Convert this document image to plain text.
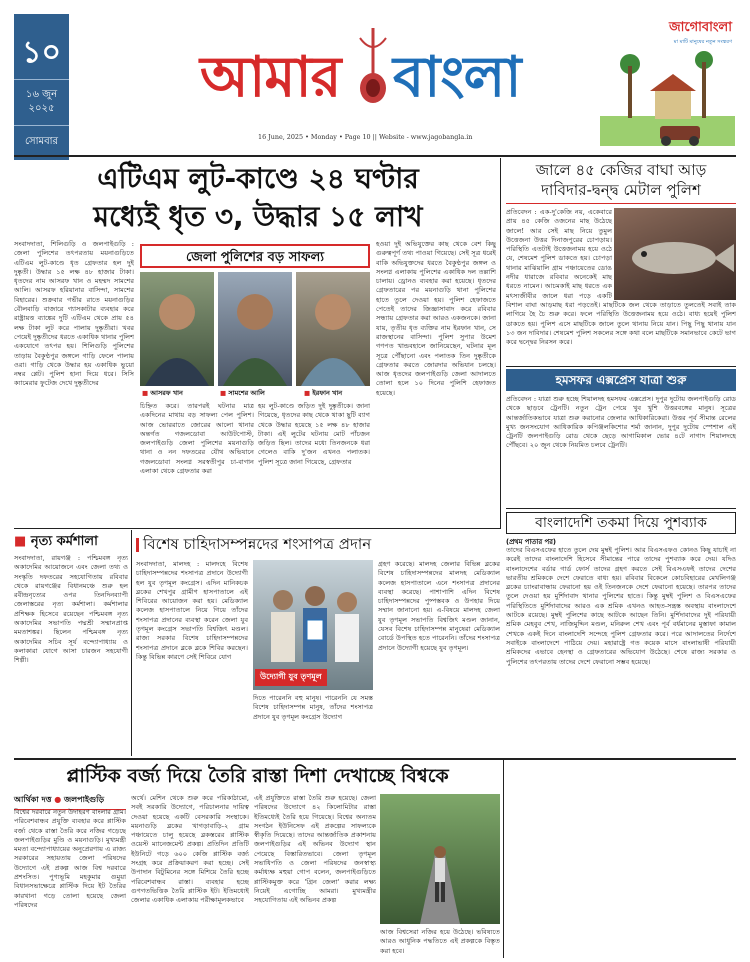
১০
১৬ জুন
২০২৫
সোমবার
আমার বাংলা
16 June, 2025 • Monday • Page 10 || Website - www.jagobangla.in
জাগোবাংলা
মা মাটি মানুষের নতুন সংস্করণ
এটিএম লুট-কাণ্ডে ২৪ ঘণ্টার
মধ্যেই ধৃত ৩, উদ্ধার ১৫ লাখ
সংবাদদাতা, শিলিগুড়ি ও জলপাইগুড়ি : জেলা পুলিশের তৎপরতায় ময়নাগুড়িতে এটিএম লুট-কাণ্ডে ধৃত গ্রেফতার হল দুই দুষ্কৃতী। উদ্ধার ১৫ লক্ষ ৪৮ হাজার টাকা। ধৃতদের নাম আসরফ খান ও মহম্মদ সামশের আলি। আসরফ হরিয়ানার বাসিন্দা, সামশের বিহারের। শুক্রবার গভীর রাতে ময়নাগুড়ির বৌলবাড়ি বাজারে গ্যাসকাটার ব্যবহার করে রাষ্ট্রায়ত্ত ব্যাঙ্কের দুটি এটিএম থেকে প্রায় ৫৪ লক্ষ টাকা লুট করে পালায় দুষ্কৃতীরা। খবর পেয়েই দুষ্কৃতীদের ধরতে একাধিক থানার পুলিশ একযোগে তৎপর হয়। শিলিগুড়ি পুলিশের তাড়ায় বৈকুণ্ঠপুর জঙ্গলে গাড়ি ফেলে পালায় ওরা। গাড়ি থেকে উদ্ধার হয় একাধিক ভুয়ো নম্বর প্লেট। পুলিশ হানা দিয়ে ধরে। সিসি ক্যামেরার ফুটেজ দেখে দুষ্কৃতীদের
জেলা পুলিশের বড় সাফল্য
■ আসরফ খান	■ সামশের আলি	■ ইরফান খান
চিহ্নিত করে। তারপরই ঘটনার মাত্র একদিনের মাথায় বড় সাফল্য পেল পুলিশ। আজ ভোররাতে জোরের আলো থানার অন্তর্গত গজলডোবা আউটপোস্ট, জলপাইগুড়ি জেলা পুলিশের ময়নাগুড়ি থানা ও নন দফতরের যৌথ অভিযানে গজলডোবা সংলগ্ন সরস্বতীপুর চা-বাগান এলাকা থেকে গ্রেফতার করা
হয় লুট-কাণ্ডে জড়িত দুই দুষ্কৃতীকে। জানা গিয়েছে, ধৃতদের কাছ থেকে থাকা ছুটি ব্যাগ থেকে উদ্ধার হয়েছে ১৫ লক্ষ ৪৮ হাজার টাকা। এই লুটের ঘটনায় মোট পাঁচজন জড়িত ছিল। তাদের মধ্যে তিনজনকে ধরা গেলেও বাকি দু'জন এখনও পলাতক। পুলিশ সূত্রে জানা গিয়েছে, গ্রেফতার
হওয়া দুই অভিযুক্তের কাছ থেকে বেশ কিছু গুরুত্বপূর্ণ তথ্য পাওয়া গিয়েছে। সেই সূত্র ধরেই বাকি অভিযুক্তদের ধরতে বৈকুণ্ঠপুর জঙ্গল ও সংলগ্ন এলাকায় পুলিশের একাধিক দল তল্লাশি চালায়। ড্রোনও ব্যবহার করা হয়েছে। ধৃতদের গ্রেফতারের পর ময়নাগুড়ি থানা পুলিশের হাতে তুলে দেওয়া হয়। পুলিশ হেফাজতে পেতেই তাদের জিজ্ঞাসাবাদ করে রবিবার সন্ধ্যায় গ্রেফতার করা আরও একজনকে। জানা যায়, তৃতীয় ধৃত ব্যক্তির নাম ইরফান খান, সে রাজস্থানের বাসিন্দা। পুলিশ সুপার উমেশ গণপত খান্ডবহালে জানিয়েছেন, ঘটনার মূল সূত্রে পৌঁছানো এবং পলাতক তিন দুষ্কৃতীকে গ্রেফতার করতে জোরদার অভিযান চলছে। আজ ধৃতদের জলপাইগুড়ি জেলা আদালতে তোলা হলে ১০ দিনের পুলিশি হেফাজত হয়েছে।
জালে ৪৫ কেজির বাঘা আড়
দাবিদার-দ্বন্দ্ব মেটাল পুলিশ
প্রতিবেদন : এক-দু'কেজি নয়, একেবারে প্রায় ৪৫ কেজি ওজনের মাছ উঠেছে জালে! আর সেই মাছ নিয়ে তুমুল উত্তেজনা উত্তর দিনাজপুরের চোপড়ায়। পরিস্থিতি এতটাই উত্তেজনাময় হয়ে ওঠে যে, শেষমেশ পুলিশ ডাকতে হয়। চোপড়া থানার মাঝিয়ালি গ্রাম পঞ্চায়েতের ডোঙ নদীর ধারাজে রবিবার অনেকেই মাছ ধরতে নামেন। আচমকাই মাছ ধরতে এক মৎস্যজীবীর জালে ধরা পড়ে একটি বিশাল বাঘা আড়মাছ ধরা পড়তেই। মাছটিকে জল থেকে তাড়াতে তুলতেই সবাই তাক লাগিয়ে হৈ চৈ শুরু করে। ফলে পরিস্থিতি উত্তেজনাময় হয়ে ওঠে। বাধ্য হয়েই পুলিশ ডাকতে হয়। পুলিশ এসে মাছটিকে জালে তুলে থানায় নিয়ে যান। পিছু পিছু থানায় যান ১৩ জন দাবিদার। শেষমেশ পুলিশ সকলের সঙ্গে কথা বলে মাছটিকে সমানভাবে কেটে ভাগ করে দ্বন্দ্বের নিরসন করে।
হমসফর এক্সপ্রেস যাত্রা শুরু
প্রতিবেদন : যাত্রা শুরু হচ্ছে শিয়ালদহ হমসফর এক্সপ্রেস। দুপুর দুটোয় জলপাইগুড়ি রোড থেকে ছাড়বে ট্রেনটি। নতুন ট্রেন পেয়ে খুব খুশি উত্তরবঙ্গের মানুষ। সূত্রের আন্তর্জাতিকভাবে যাত্রা শুরু করানোর জেলার আধিকারিকেরা। উত্তর পূর্ব সীমান্ত রেলের মুখ্য জনসংযোগ আধিকারিক কপিঞ্জলকিশোর শর্মা জানান, দুপুর দুটোয় স্পেশাল এই ট্রেনটি জলপাইগুড়ি রোড থেকে ছেড়ে আগামিকাল ভোর ৪টে নাগাদ শিয়ালদহে পৌঁছবে। ২০ জুন থেকে নিয়মিত চলবে ট্রেনটি।
বাংলাদেশি তকমা দিয়ে পুশব্যাক
(প্রথম পাতার পর)
তাদের বিএসএফের হাতে তুলে দেয় মুম্বই পুলিশ। আর বিএসএফও কোনও কিছু যাচাই না করেই তাদের বাংলাদেশি হিসেবে সীমান্তের পারে তাদের পুশব্যাক করে দেয়। যদিও বাংলাদেশের বর্ডার গার্ড ফোর্স তাদের গ্রহণ করতে সেই বিএসএফই তাদের দেশের ভারতীয় শ্রমিককে দেশে ফেরাতে বাধ্য হয়। রবিবার বিকেলে কোচবিহারের মেখলিগঞ্জ ব্লকের চ্যাংরাবান্ধায় ফেরানো হয় ওই তিনজনকে দেশে ফেরানো হয়েছে। তারপর তাদের তুলে দেওয়া হয় মুর্শিদাবাদ থানার পুলিশের হাতে। কিন্তু মুম্বই পুলিশ ও বিএসএফের পরিস্থিতিতে মুর্শিদাবাদের আরও এক শ্রমিক এখনও আহত-সন্ত্রস্ত অবস্থায় বাংলাদেশে আটকে রয়েছে। মুম্বই পুলিশের কাছে আটকে আছেন তিনি। মুর্শিদাবাদের দুই পরিযায়ী শ্রমিক মেহবুব শেখ, নাজিমুদ্দিন মণ্ডল, মনিরুল শেখ এবং পূর্ব বর্ধমানের মুস্তাফা কামাল শেখকে একই দিনে বাংলাদেশি সন্দেহে পুলিশ গ্রেফতার করে। পরে আদালতের নির্দেশে সবাইকে বাংলাদেশে পাঠিয়ে দেয়। মহারাষ্ট্রে গত কয়েক মাসে বাংলাভাষী পরিযায়ী শ্রমিকদের এভাবে হেনস্থা ও গ্রেফতারের অভিযোগ উঠেছে। শেষে রাজ্য সরকার ও পুলিশের তৎপরতায় তাদের দেশে ফেরানো সম্ভব হয়েছে।
■ নৃত্য কর্মশালা
সংবাদদাতা, রায়গঞ্জ : পশ্চিমবঙ্গ নৃত্য অকাদেমির আয়োজনে এবং জেলা তথ্য ও সংস্কৃতি দফতরের সহযোগিতায় রবিবার থেকে রায়গঞ্জের বিধানমঞ্চে শুরু হল রবীন্দ্রনৃত্যের ওপর তিনদিনব্যাপী জেলাস্তরের নৃত্য কর্মশালা। কর্মশালার প্রশিক্ষক হিসেবে রয়েছেন পশ্চিমবঙ্গ নৃত্য অকাদেমির সভাপতি পদ্মশ্রী সম্মানপ্রাপ্ত মমতাশঙ্কর। ছিলেন পশ্চিমবঙ্গ নৃত্য অকাদেমির সচিব সূর্য বন্দ্যোপাধ্যায় ও কলাকারা যোগে আসা চারজন সহযোগী শিল্পী।
বিশেষ চাহিদাসম্পন্নদের শংসাপত্র প্রদান
সংবাদদাতা, মালদহ : মালদহে বিশেষ চাহিদাসম্পন্নদের শংসাপত্র প্রদানে উদ্যোগী হল যুব তৃণমূল কংগ্রেস। এদিন মানিকচক ব্লকের শেখপুর গ্রামীণ হাসপাতালে এই শিবিরের আয়োজন করা হয়। মেডিক্যাল কলেজ হাসপাতালে নিয়ে গিয়ে তাঁদের শংসাপত্র প্রদানের ব্যবস্থা করেন জেলা যুব তৃণমূল কংগ্রেস সভাপতি বিশ্বজিৎ মণ্ডল। রাজ্য সরকার বিশেষ চাহিদাসম্পন্নদের শংসাপত্র প্রদানে ব্লকে ব্লকে শিবির করছেন। কিন্তু বিভিন্ন কারণে সেই শিবিরে যোগ
উদ্যোগী যুব তৃণমূল
দিতে পারেননি বহু মানুষ। পারেননি যে সমস্ত বিশেষ চাহিদাসম্পন্ন মানুষ, তাঁদের শংসাপত্র প্রদানে যুব তৃণমূল কংগ্রেস উদ্যোগ
গ্রহণ করেছে। মালদহ জেলার বিভিন্ন ব্লকের বিশেষ চাহিদাসম্পন্নদের মালদহ মেডিক্যাল কলেজ হাসপাতালে এনে শংসাপত্র প্রদানের ব্যবস্থা করেছে। পাশাপাশি এদিন বিশেষ চাহিদাসম্পন্নদের পুষ্পস্তবক ও উপহার দিয়ে সম্মান জানানো হয়। এ-বিষয়ে মালদহ জেলা যুব তৃণমূল সভাপতি বিশ্বজিৎ মণ্ডল জানান, যেসব বিশেষ চাহিদাসম্পন্ন মানুষেরা মেডিক্যাল বোর্ডে উপস্থিত হতে পারেননি। তাঁদের শংসাপত্র প্রদানে উদ্যোগী হয়েছে যুব তৃণমূল।
প্লাস্টিক বর্জ্য দিয়ে তৈরি রাস্তা দিশা দেখাচ্ছে বিশ্বকে
আর্থিকা দত্ত ● জলপাইগুড়ি
বিশ্বের দরবারে নতুন উদাহরণ বাংলার গ্রাম। পরিবেশবান্ধব প্রযুক্তি ব্যবহার করে প্লাস্টিক বর্জ্য থেকে রাস্তা তৈরি করে নজির গড়েছে জলপাইগুড়ির মুণ্ডি ও ময়নাগুড়ি। মুখ্যমন্ত্রী মমতা বন্দ্যোপাধ্যায়ের অনুপ্রেরণায় এ রাজ্য সরকারের সহায়তায় জেলা পরিষদের উদ্যোগে এই প্রকল্প আজ বিশ্ব দরবারে প্রশংসিত। পুণ্যভূমি মহকুমার গুমুয়া বিধানসভাক্ষেত্রে প্লাস্টিক দিয়ে ইট তৈরির কারখানা গড়ে তোলা হয়েছে জেলা পরিষদের
অর্থে। মেশিন থেকে শুরু করে পরিকাঠামো, সবই সরকারি উদ্যোগে, পরিচালনার দায়িত্ব দেওয়া হয়েছে একটি বেসরকারি সংস্থাকে। ময়নাগুড়ি ব্লকের খাগড়াবাড়ি-২ গ্রাম পঞ্চায়েতে চালু হয়েছে ব্লকস্তরের প্লাস্টিক ওয়েস্ট ম্যানেজমেন্ট প্রকল্প। প্রতিদিন প্রতিটি ইউনিটে গড়ে ৬০০ কেজি প্লাস্টিক বর্জ্য সংগ্রহ করে প্রক্রিয়াকরণ করা হচ্ছে। সেই উপাদান বিটুমিনের সঙ্গে মিশিয়ে তৈরি হচ্ছে পরিবেশবান্ধব রাস্তা। ব্যবহার হচ্ছে গুণগতভিত্তিক তৈরি প্লাস্টিক ইট। ইতিমধ্যেই জেলার একাধিক এলাকায় পরীক্ষামূলকভাবে
এই প্রযুক্তিতে রাস্তা তৈরি শুরু হয়েছে। জেলা পরিষদের উদ্যোগে ৪২ কিলোমিটার রাস্তা ইতিমধ্যেই তৈরি হয়ে গিয়েছে। বিশ্বের অন্যতম সংগঠন ইউনিসেফ এই প্রকল্পের সাফল্যকে স্বীকৃতি দিয়েছে। তাদের আন্তর্জাতিক প্রকাশনায় জলপাইগুড়ির এই অভিনব উদ্যোগ স্থান পেয়েছে বিস্তারিতভাবে। জেলা তৃণমূল সভাধিপতি ও জেলা পরিষদের জনস্বাস্থ্য কর্মাধ্যক্ষ মহুয়া গোপ বলেন, জলপাইগুড়িতে প্লাস্টিকমুক্ত করে 'গ্রিন জেলা' করার লক্ষ্য নিয়েই এগোচ্ছি আমরা। মুখ্যমন্ত্রীর সহযোগিতায় এই অভিনব প্রকল্প
আজ বিশ্বসেরা নজির হয়ে উঠেছে। ভবিষ্যতে আরও আধুনিক পদ্ধতিতে এই প্রকল্পকে বিস্তৃত করা হবে।
